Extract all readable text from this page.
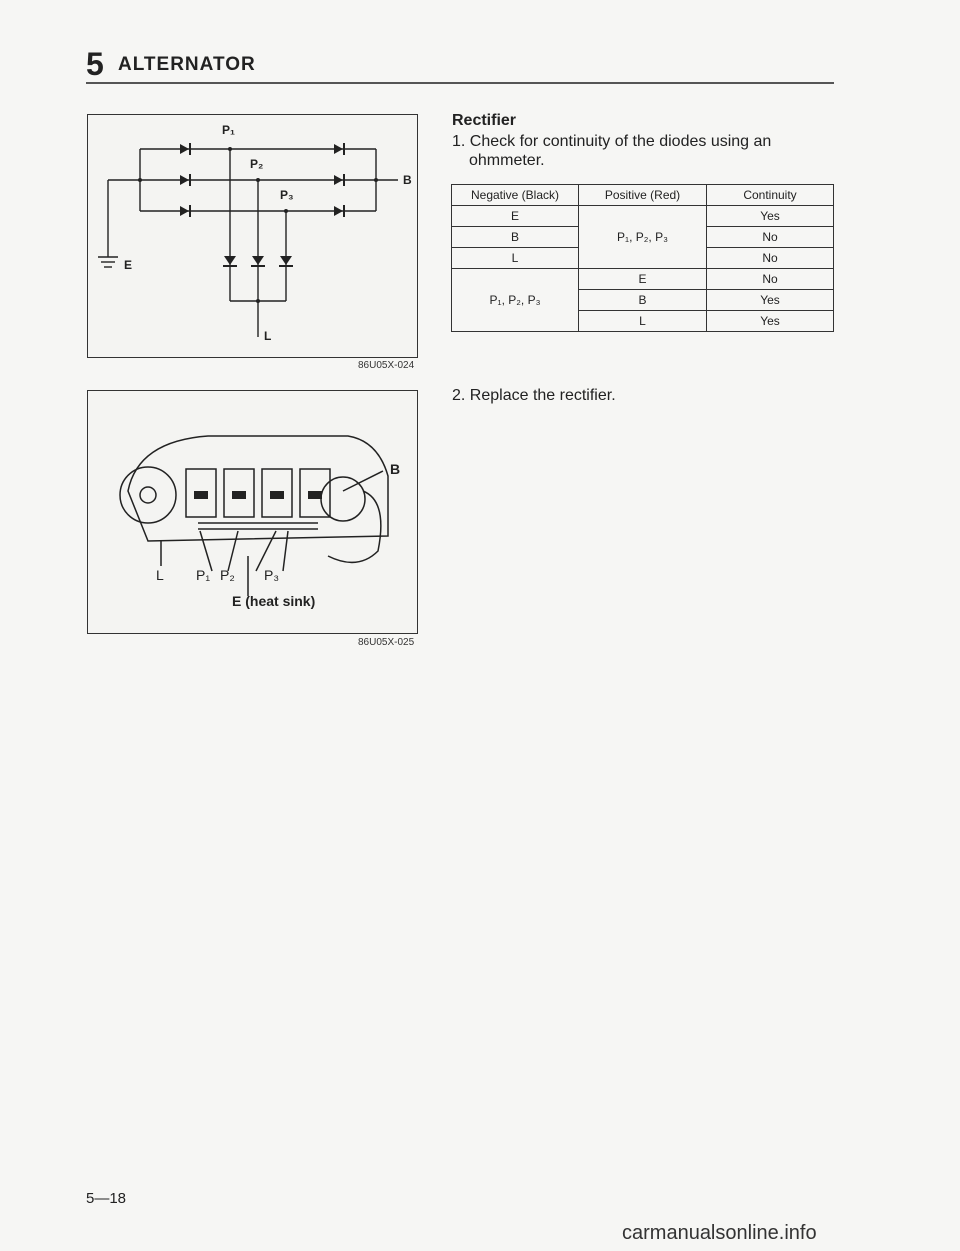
5 ALTERNATOR
P₁
P₂
P₃
B
E
L
86U05X-024
B
L P₁ P₂ P₃
E (heat sink)
86U05X-025
Rectifier
1. Check for continuity of the diodes using an
ohmmeter.
Negative (Black)	Positive (Red)	Continuity
E	P₁, P₂, P₃	Yes
B		No
L		No
P₁, P₂, P₃	E	No
	B	Yes
	L	Yes
2. Replace the rectifier.
5—18
carmanualsonline.info
